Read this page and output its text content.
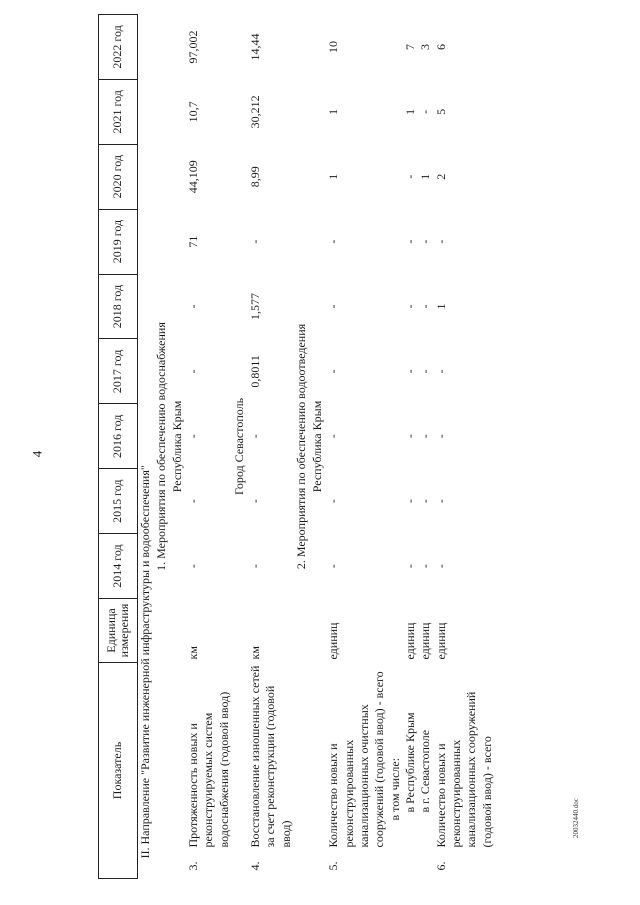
4
Показатель		Единица измерения	2014 год	2015 год	2016 год	2017 год	2018 год	2019 год	2020 год	2021 год	2022 год
II. Направление "Развитие инженерной инфраструктуры и водообеспечения"											
1. Мероприятия по обеспечению водоснабжения											
Республика Крым											
3.	Протяженность новых и реконструируемых систем водоснабжения (годовой ввод)	км	-	-	-	-	-	71	44,109	10,7	97,002
Город Севастополь											
4.	Восстановление изношенных сетей за счет реконструкции (годовой ввод)	км	-	-	-	0,8011	1,577	-	8,99	30,212	14,44
2. Мероприятия по обеспечению водоотведения											
Республика Крым											
5.	Количество новых и реконструированных канализационных очистных сооружений (годовой ввод) - всего	единиц	-	-	-	-	-	-	1	1	10
	в том числе:										
	в Республике Крым	единиц	-	-	-	-	-	-	-	1	7
	в г. Севастополе	единиц	-	-	-	-	-	-	1	-	3
6.	Количество новых и реконструированных канализационных сооружений (годовой ввод) - всего	единиц	-	-	-	-	1	-	2	5	6
20032440.doc
